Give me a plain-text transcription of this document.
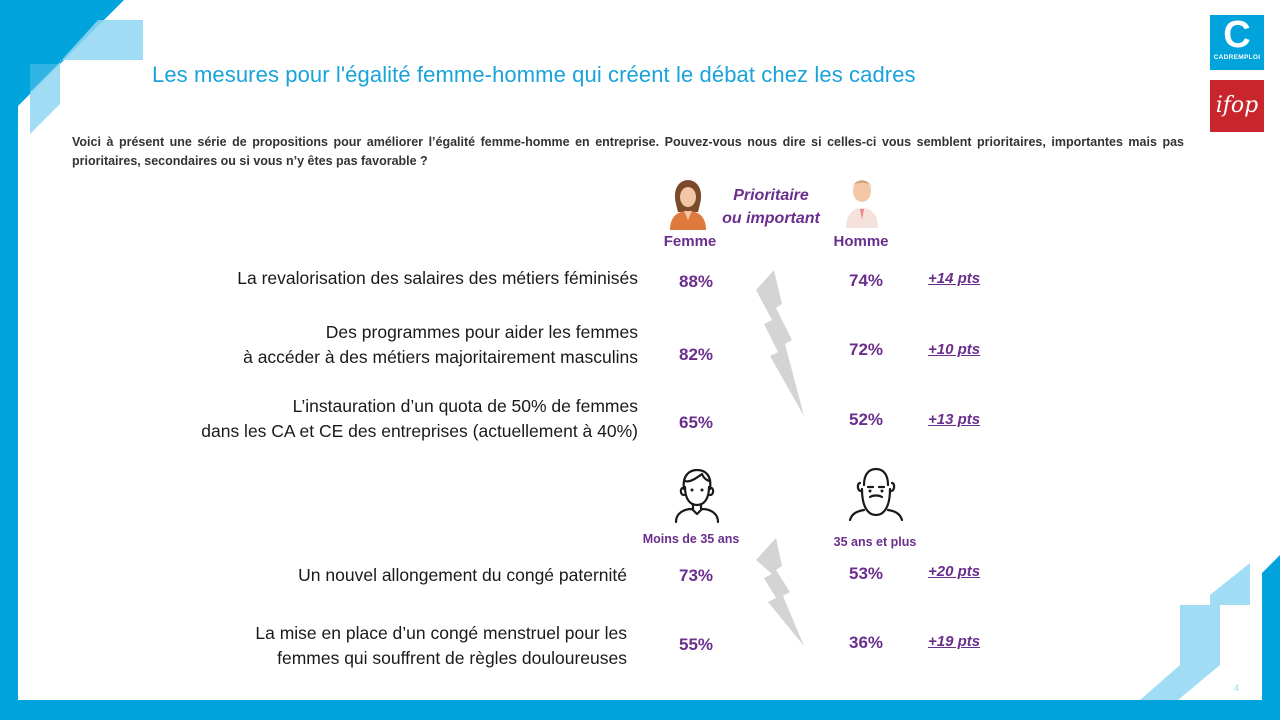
Les mesures pour l'égalité femme-homme qui créent le débat chez les cadres
Voici à présent une série de propositions pour améliorer l’égalité femme-homme en entreprise. Pouvez-vous nous dire si celles-ci vous semblent prioritaires, importantes mais pas prioritaires, secondaires ou si vous n’y êtes pas favorable ?
C
CADREMPLOI
ifop
Prioritaire
ou important
Femme	Homme
La revalorisation des salaires des métiers féminisés	88%	74%	+14 pts
Des programmes pour aider les femmes
à accéder à des métiers majoritairement masculins	82%	72%	+10 pts
L’instauration d’un quota de 50% de femmes
dans les CA et CE des entreprises (actuellement à 40%)	65%	52%	+13 pts
Moins de 35 ans	35 ans et plus
Un nouvel allongement du congé paternité	73%	53%	+20 pts
La mise en place d’un congé menstruel pour les
femmes qui souffrent de règles douloureuses
55%	36%	+19 pts
4
